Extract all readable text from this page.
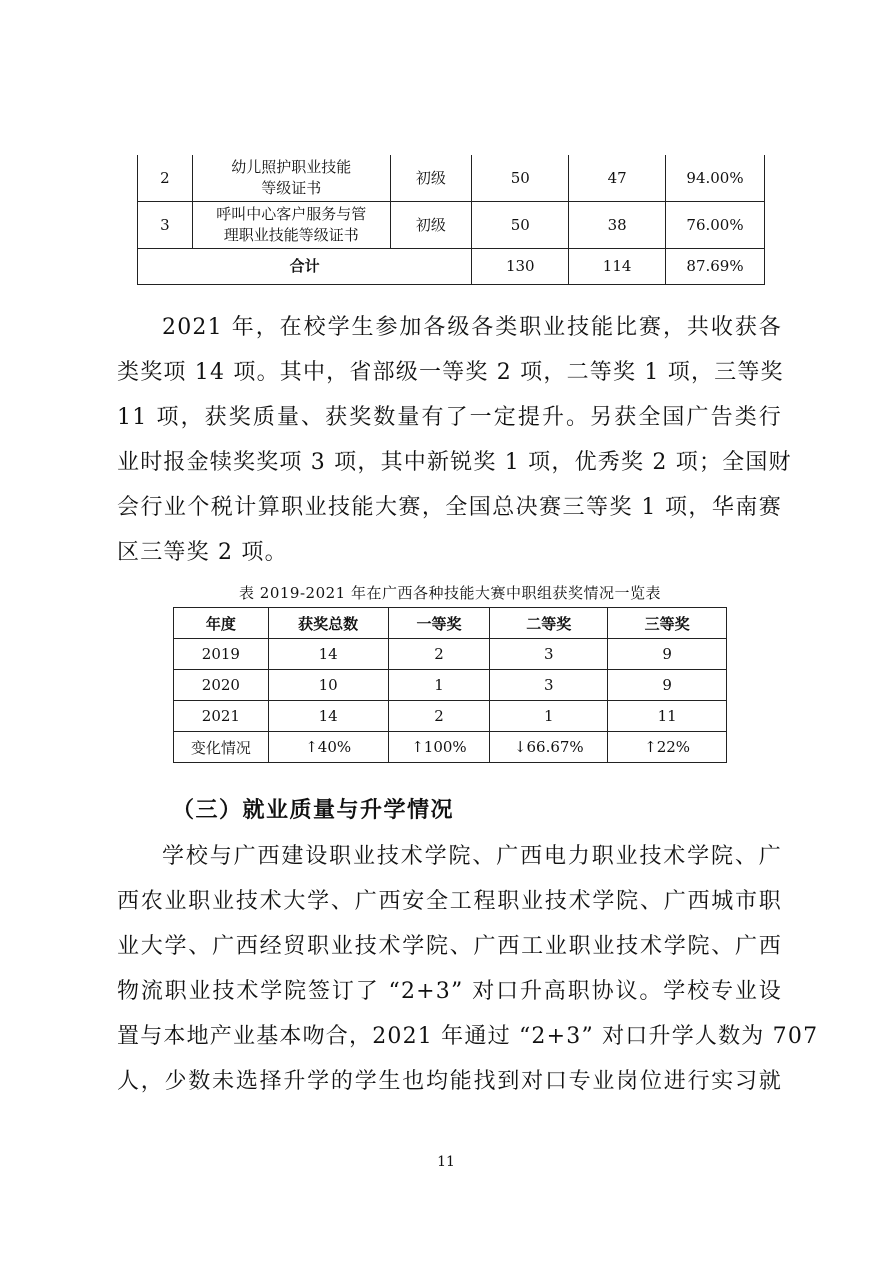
2	幼儿照护职业技能
等级证书	初级	50	47	94.00%
3	呼叫中心客户服务与管
理职业技能等级证书	初级	50	38	76.00%
合计			130	114	87.69%
2021 年，在校学生参加各级各类职业技能比赛，共收获各
类奖项 14 项。其中，省部级一等奖 2 项，二等奖 1 项，三等奖
11 项，获奖质量、获奖数量有了一定提升。另获全国广告类行
业时报金犊奖奖项 3 项，其中新锐奖 1 项，优秀奖 2 项；全国财
会行业个税计算职业技能大赛，全国总决赛三等奖 1 项，华南赛
区三等奖 2 项。
表 2019-2021 年在广西各种技能大赛中职组获奖情况一览表
年度	获奖总数	一等奖	二等奖	三等奖
2019	14	2	3	9
2020	10	1	3	9
2021	14	2	1	11
变化情况	↑40%	↑100%	↓66.67%	↑22%
（三）就业质量与升学情况
学校与广西建设职业技术学院、广西电力职业技术学院、广
西农业职业技术大学、广西安全工程职业技术学院、广西城市职
业大学、广西经贸职业技术学院、广西工业职业技术学院、广西
物流职业技术学院签订了 “2+3” 对口升高职协议。学校专业设
置与本地产业基本吻合，2021 年通过 “2+3” 对口升学人数为 707
人，少数未选择升学的学生也均能找到对口专业岗位进行实习就
11
